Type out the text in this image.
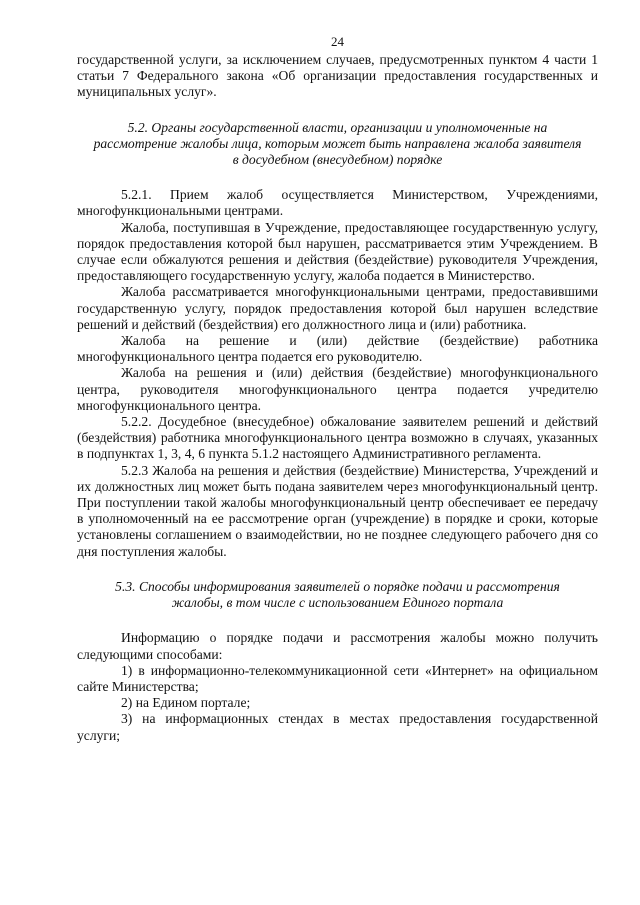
24

государственной услуги, за исключением случаев, предусмотренных пунктом 4 части 1 статьи 7 Федерального закона «Об организации предоставления государственных и муниципальных услуг».

5.2. Органы государственной власти, организации и уполномоченные на рассмотрение жалобы лица, которым может быть направлена жалоба заявителя в досудебном (внесудебном) порядке

5.2.1. Прием жалоб осуществляется Министерством, Учреждениями, многофункциональными центрами.

Жалоба, поступившая в Учреждение, предоставляющее государственную услугу, порядок предоставления которой был нарушен, рассматривается этим Учреждением. В случае если обжалуются решения и действия (бездействие) руководителя Учреждения, предоставляющего государственную услугу, жалоба подается в Министерство.

Жалоба рассматривается многофункциональными центрами, предоставившими государственную услугу, порядок предоставления которой был нарушен вследствие решений и действий (бездействия) его должностного лица и (или) работника.

Жалоба на решение и (или) действие (бездействие) работника многофункционального центра подается его руководителю.

Жалоба на решения и (или) действия (бездействие) многофункционального центра, руководителя многофункционального центра подается учредителю многофункционального центра.

5.2.2. Досудебное (внесудебное) обжалование заявителем решений и действий (бездействия) работника многофункционального центра возможно в случаях, указанных в подпунктах 1, 3, 4, 6 пункта 5.1.2 настоящего Административного регламента.

5.2.3 Жалоба на решения и действия (бездействие) Министерства, Учреждений и их должностных лиц может быть подана заявителем через многофункциональный центр. При поступлении такой жалобы многофункциональный центр обеспечивает ее передачу в уполномоченный на ее рассмотрение орган (учреждение) в порядке и сроки, которые установлены соглашением о взаимодействии, но не позднее следующего рабочего дня со дня поступления жалобы.

5.3. Способы информирования заявителей о порядке подачи и рассмотрения жалобы, в том числе с использованием Единого портала

Информацию о порядке подачи и рассмотрения жалобы можно получить следующими способами:

1) в информационно-телекоммуникационной сети «Интернет» на официальном сайте Министерства;

2) на Едином портале;

3) на информационных стендах в местах предоставления государственной услуги;
